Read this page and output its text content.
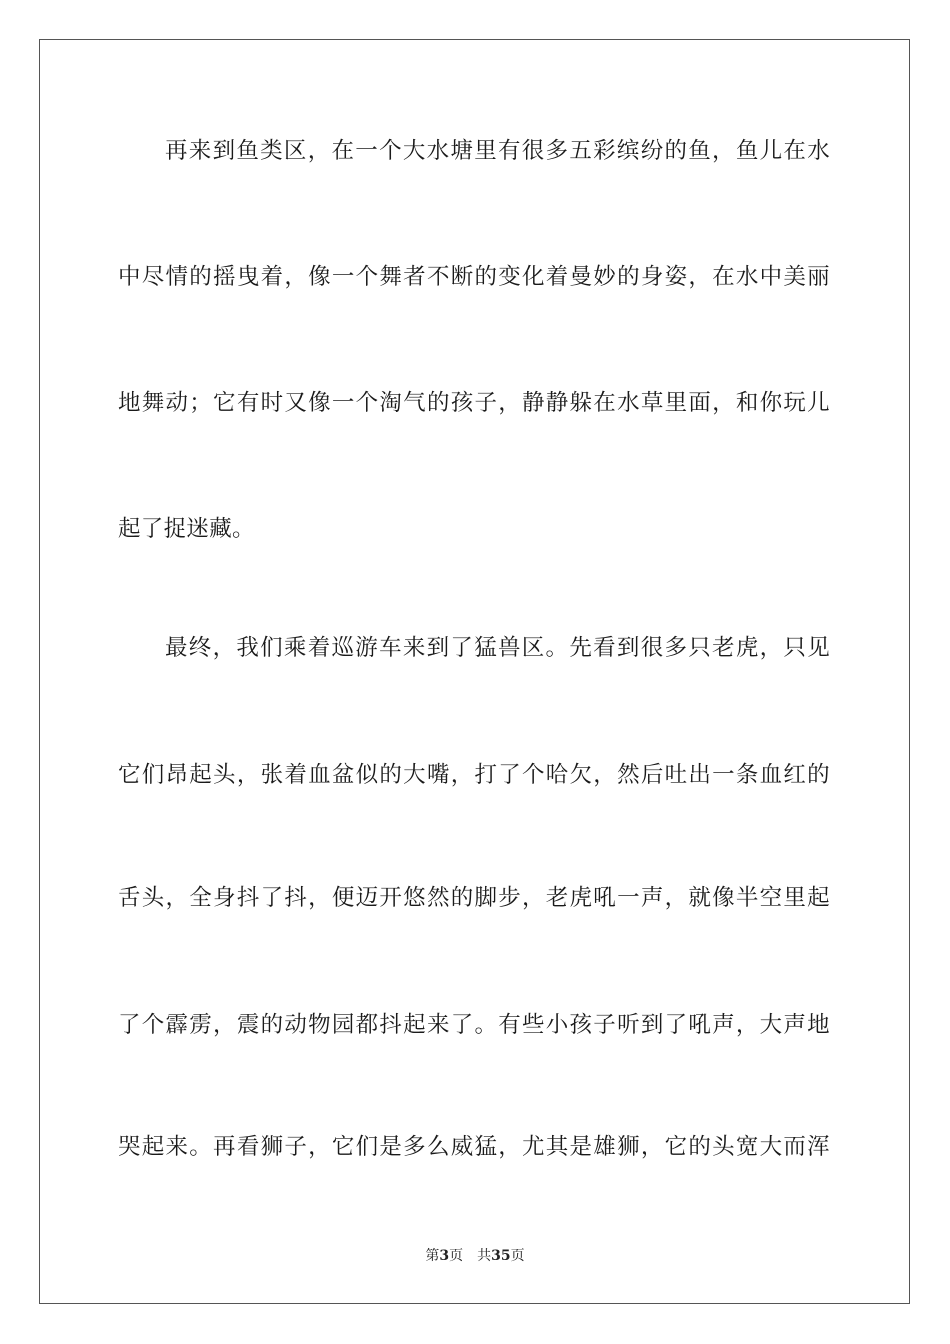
再来到鱼类区，在一个大水塘里有很多五彩缤纷的鱼，鱼儿在水
中尽情的摇曳着，像一个舞者不断的变化着曼妙的身姿，在水中美丽
地舞动；它有时又像一个淘气的孩子，静静躲在水草里面，和你玩儿
起了捉迷藏。
最终，我们乘着巡游车来到了猛兽区。先看到很多只老虎，只见
它们昂起头，张着血盆似的大嘴，打了个哈欠，然后吐出一条血红的
舌头，全身抖了抖，便迈开悠然的脚步，老虎吼一声，就像半空里起
了个霹雳，震的动物园都抖起来了。有些小孩子听到了吼声，大声地
哭起来。再看狮子，它们是多么威猛，尤其是雄狮，它的头宽大而浑
第3页 共35页
